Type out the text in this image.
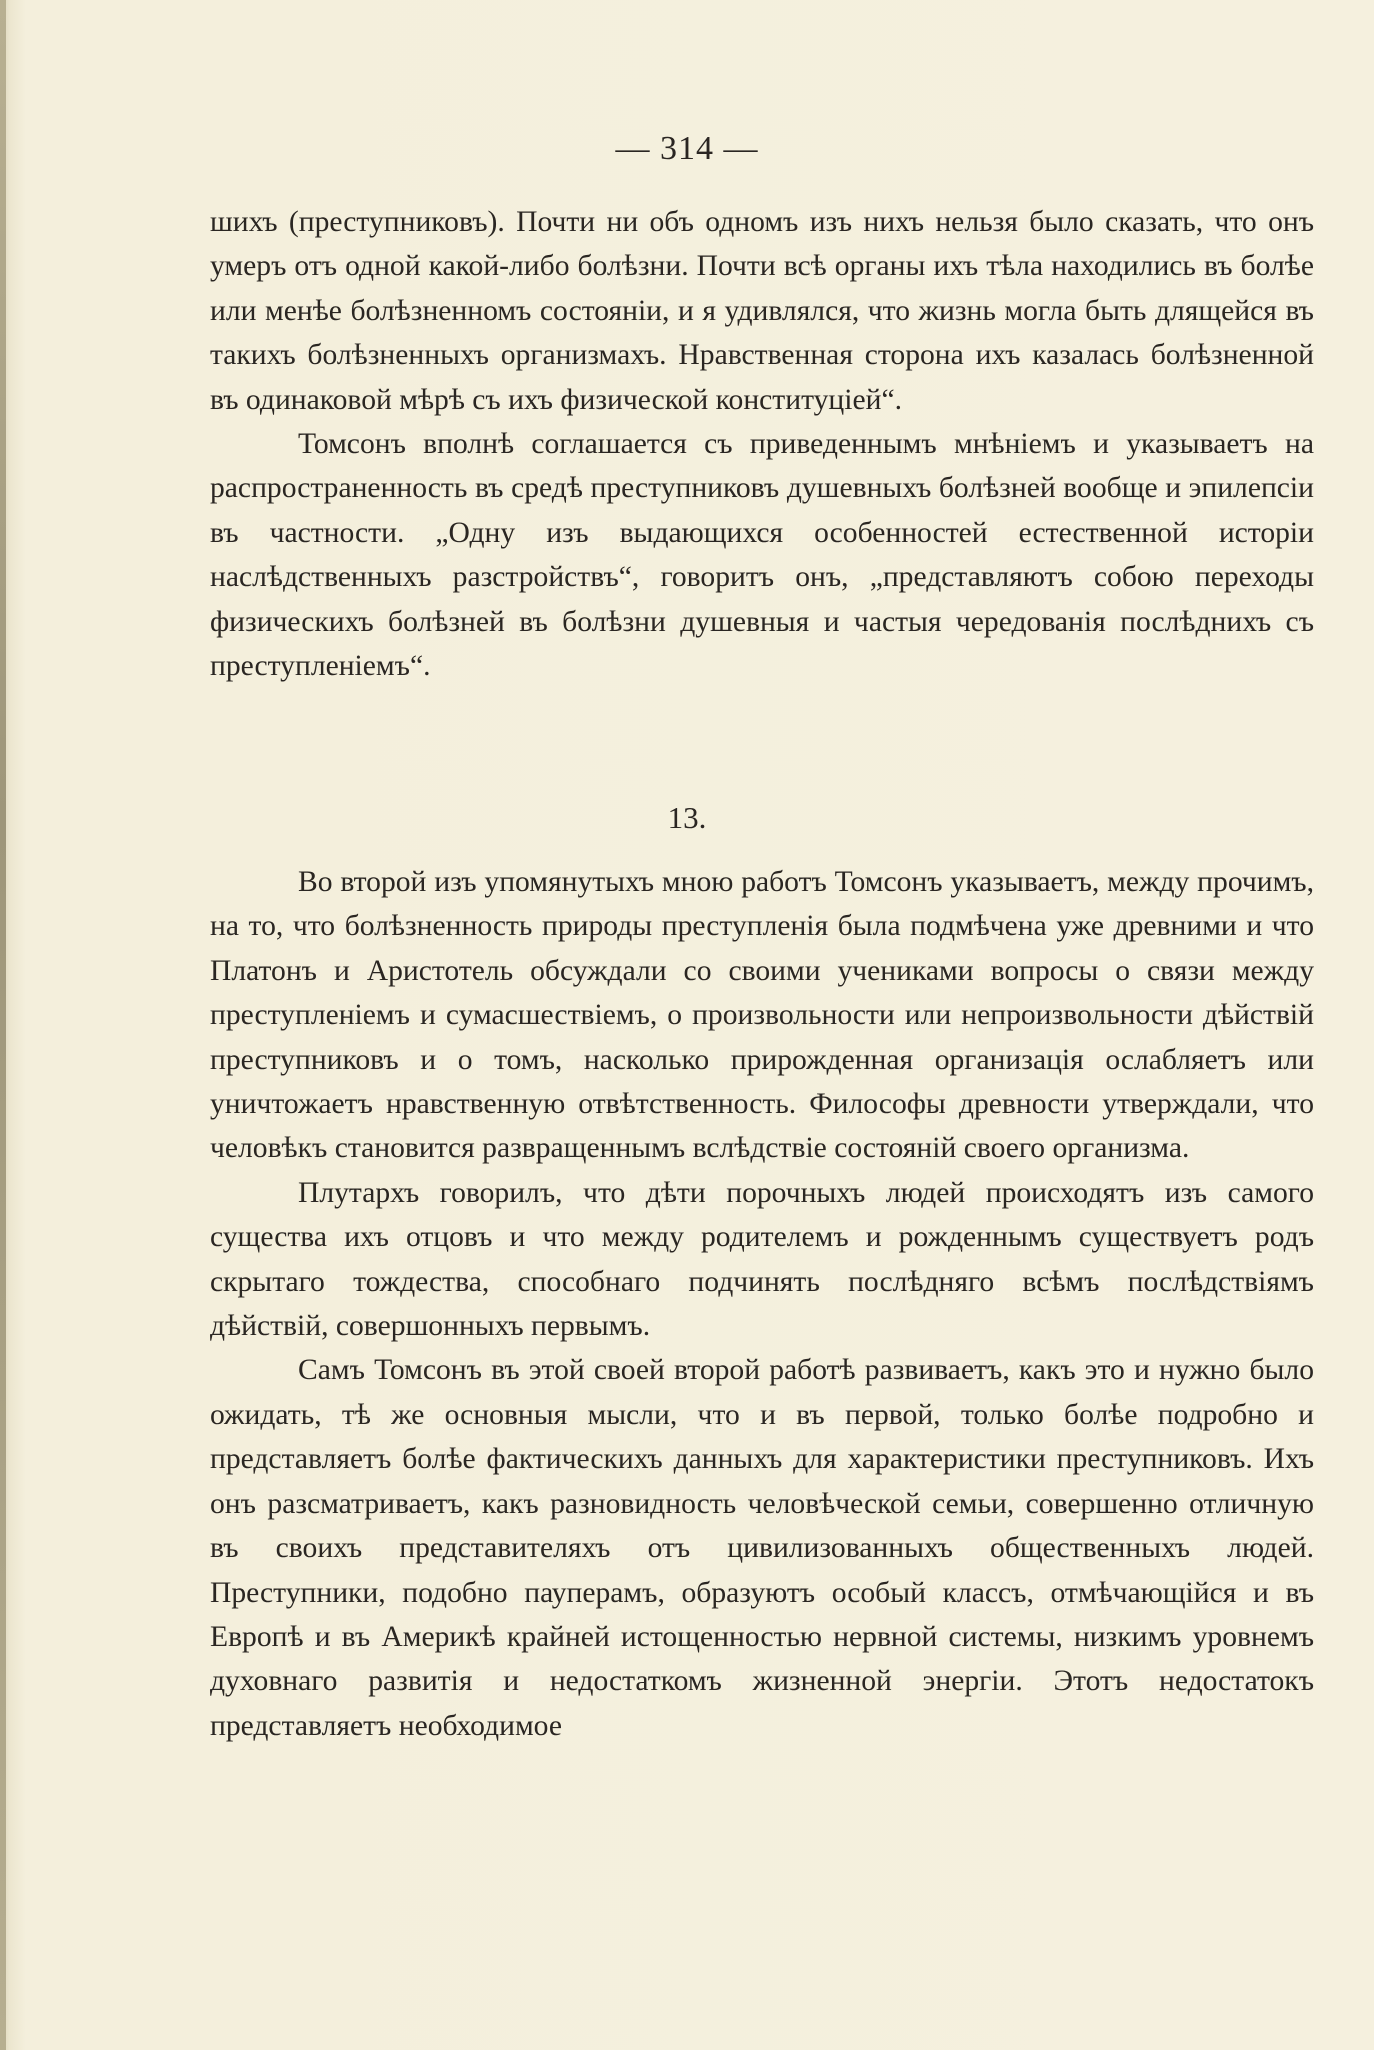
— 314 —

шихъ (преступниковъ). Почти ни объ одномъ изъ нихъ нельзя было сказать, что онъ умеръ отъ одной какой-либо болѣзни. Почти всѣ органы ихъ тѣла находились въ болѣе или менѣе болѣзненномъ состояніи, и я удивлялся, что жизнь могла быть длящейся въ такихъ болѣзненныхъ организмахъ. Нравственная сторона ихъ казалась болѣзненной въ одинаковой мѣрѣ съ ихъ физической конституціей“.

Томсонъ вполнѣ соглашается съ приведеннымъ мнѣніемъ и указываетъ на распространенность въ средѣ преступниковъ душевныхъ болѣзней вообще и эпилепсіи въ частности. „Одну изъ выдающихся особенностей естественной исторіи наслѣдственныхъ разстройствъ“, говоритъ онъ, „представляютъ собою переходы физическихъ болѣзней въ болѣзни душевныя и частыя чередованія послѣднихъ съ преступленіемъ“.

13.

Во второй изъ упомянутыхъ мною работъ Томсонъ указываетъ, между прочимъ, на то, что болѣзненность природы преступленія была подмѣчена уже древними и что Платонъ и Аристотель обсуждали со своими учениками вопросы о связи между преступленіемъ и сумасшествіемъ, о произвольности или непроизвольности дѣйствій преступниковъ и о томъ, насколько прирожденная организація ослабляетъ или уничтожаетъ нравственную отвѣтственность. Философы древности утверждали, что человѣкъ становится развращеннымъ вслѣдствіе состояній своего организма.

Плутархъ говорилъ, что дѣти порочныхъ людей происходятъ изъ самого существа ихъ отцовъ и что между родителемъ и рожденнымъ существуетъ родъ скрытаго тождества, способнаго подчинять послѣдняго всѣмъ послѣдствіямъ дѣйствій, совершонныхъ первымъ.

Самъ Томсонъ въ этой своей второй работѣ развиваетъ, какъ это и нужно было ожидать, тѣ же основныя мысли, что и въ первой, только болѣе подробно и представляетъ болѣе фактическихъ данныхъ для характеристики преступниковъ. Ихъ онъ разсматриваетъ, какъ разновидность человѣческой семьи, совершенно отличную въ своихъ представителяхъ отъ цивилизованныхъ общественныхъ людей. Преступники, подобно пауперамъ, образуютъ особый классъ, отмѣчающійся и въ Европѣ и въ Америкѣ крайней истощенностью нервной системы, низкимъ уровнемъ духовнаго развитія и недостаткомъ жизненной энергіи. Этотъ недостатокъ представляетъ необходимое
